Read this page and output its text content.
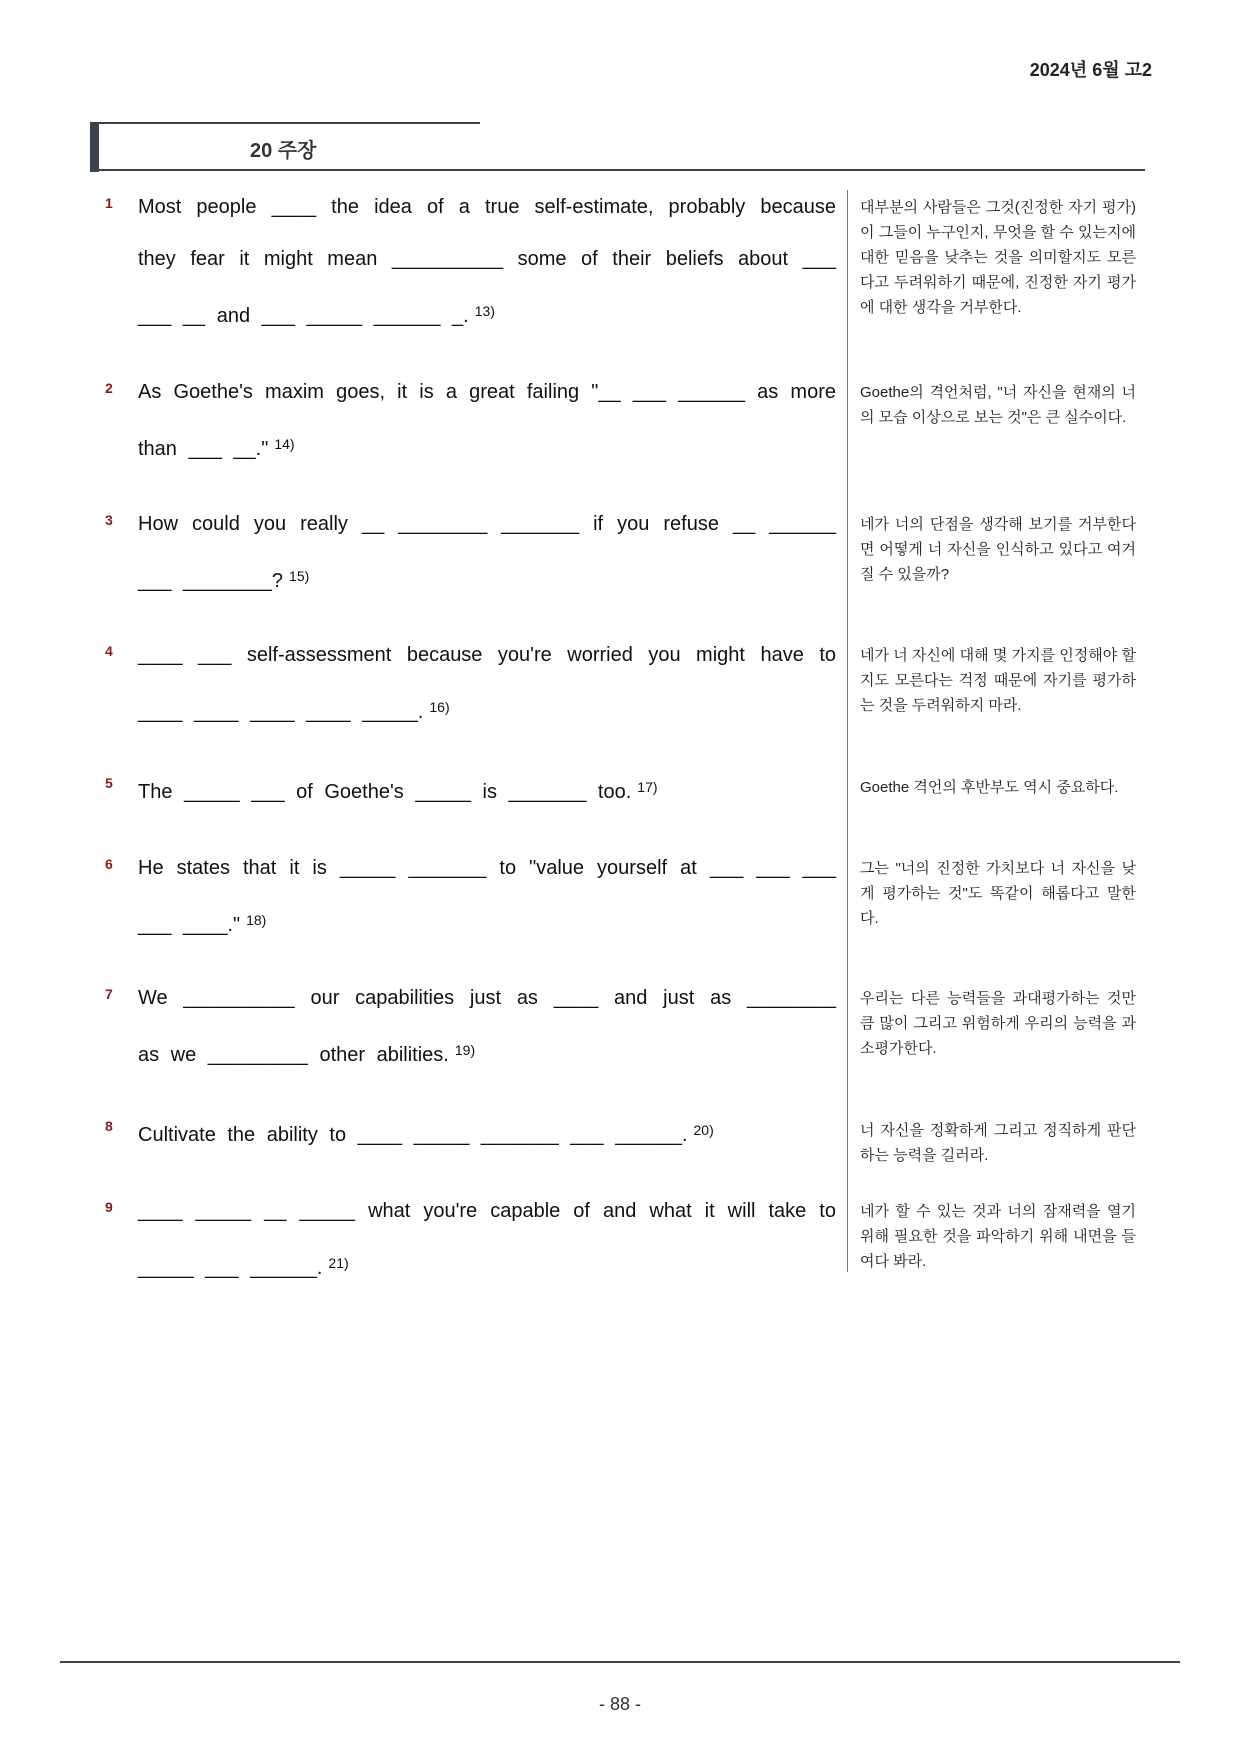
2024년 6월 고2
20 주장
1 Most people ____ the idea of a true self-estimate, probably because
they fear it might mean __________ some of their beliefs about ___
___ __ and ___ _____ ______ _. $^{13)}$
대부분의 사람들은 그것(진정한 자기 평가)이 그들이 누구인지, 무엇을 할 수 있는지에 대한 믿음을 낮추는 것을 의미할지도 모른다고 두려워하기 때문에, 진정한 자기 평가에 대한 생각을 거부한다.
2 As Goethe's maxim goes, it is a great failing "__ ___ ______ as more
than ___ __." $^{14)}$
Goethe의 격언처럼, "너 자신을 현재의 너의 모습 이상으로 보는 것"은 큰 실수이다.
3 How could you really __ ________ _______ if you refuse __ ______
___ ________? $^{15)}$
네가 너의 단점을 생각해 보기를 거부한다면 어떻게 너 자신을 인식하고 있다고 여겨질 수 있을까?
4 ____ ___ self-assessment because you're worried you might have to
____ ____ ____ ____ _____. $^{16)}$
네가 너 자신에 대해 몇 가지를 인정해야 할지도 모른다는 걱정 때문에 자기를 평가하는 것을 두려워하지 마라.
5 The _____ ___ of Goethe's _____ is _______ too. $^{17)}$	Goethe 격언의 후반부도 역시 중요하다.
6 He states that it is _____ _______ to "value yourself at ___ ___ ___
___ ____." $^{18)}$
그는 "너의 진정한 가치보다 너 자신을 낮게 평가하는 것"도 똑같이 해롭다고 말한다.
7 We __________ our capabilities just as ____ and just as ________
as we _________ other abilities. $^{19)}$
우리는 다른 능력들을 과대평가하는 것만큼 많이 그리고 위험하게 우리의 능력을 과소평가한다.
8 Cultivate the ability to ____ _____ _______ ___ ______. $^{20)}$	너 자신을 정확하게 그리고 정직하게 판단하는 능력을 길러라.
9 ____ _____ __ _____ what you're capable of and what it will take to
_____ ___ ______. $^{21)}$
네가 할 수 있는 것과 너의 잠재력을 열기 위해 필요한 것을 파악하기 위해 내면을 들여다 봐라.
- 88 -
